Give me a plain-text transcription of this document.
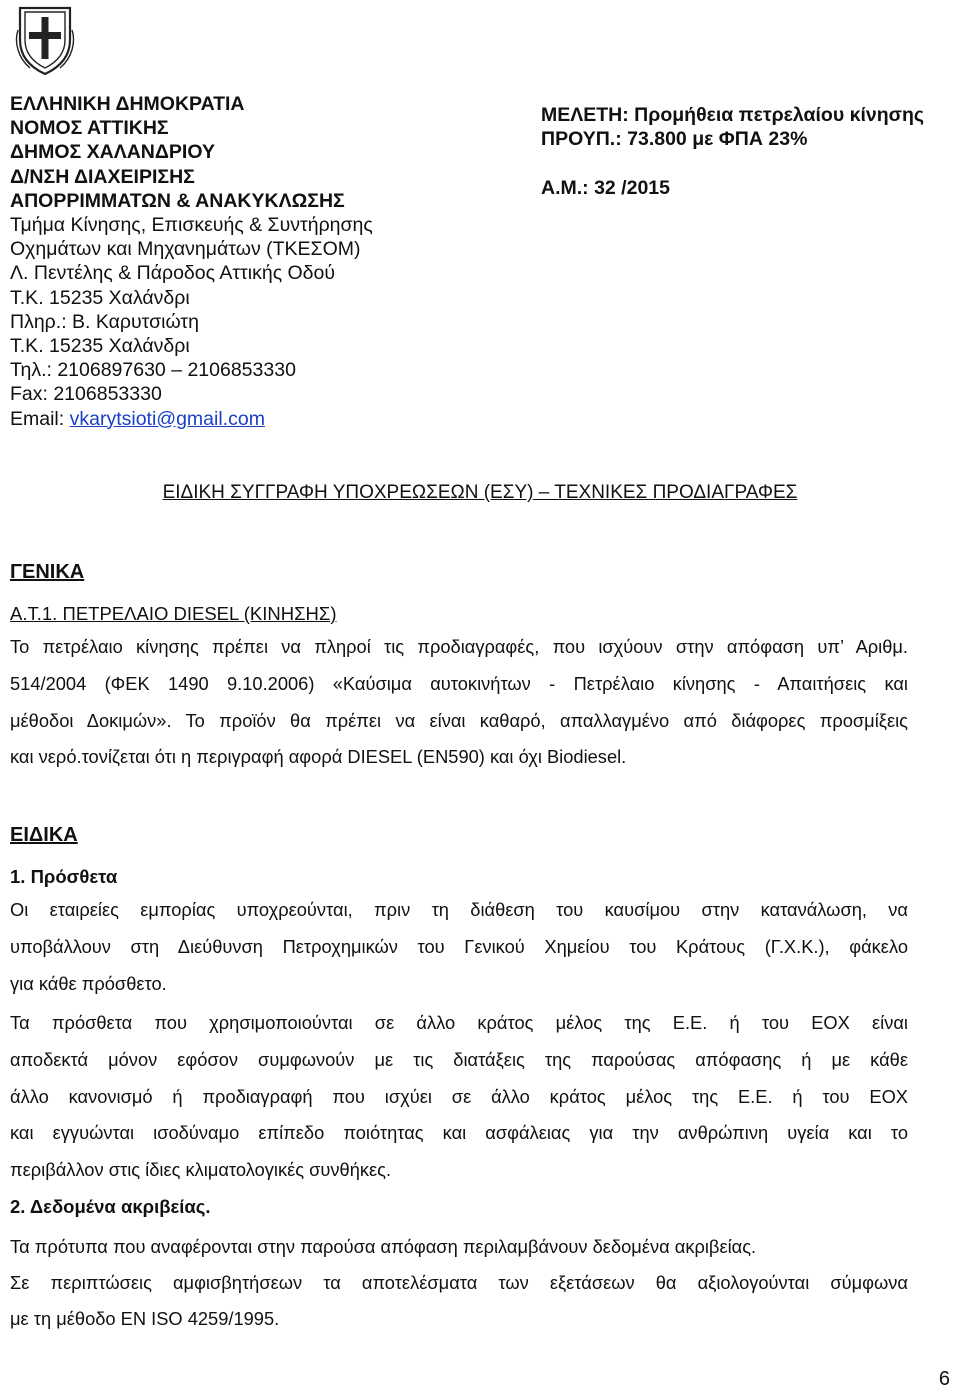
ΕΛΛΗΝΙΚΗ ΔΗΜΟΚΡΑΤΙΑ
ΝΟΜΟΣ ΑΤΤΙΚΗΣ
ΔΗΜΟΣ ΧΑΛΑΝΔΡΙΟΥ
Δ/ΝΣΗ ΔΙΑΧΕΙΡΙΣΗΣ
ΑΠΟΡΡΙΜΜΑΤΩΝ & ΑΝΑΚΥΚΛΩΣΗΣ
Τμήμα Κίνησης, Επισκευής & Συντήρησης
Οχημάτων και Μηχανημάτων (ΤΚΕΣΟΜ)
Λ. Πεντέλης & Πάροδος Αττικής Οδού
Τ.Κ. 15235 Χαλάνδρι
Πληρ.: Β. Καρυτσιώτη
Τ.Κ. 15235 Χαλάνδρι
Τηλ.: 2106897630 – 2106853330
Fax: 2106853330
Email: vkarytsioti@gmail.com
ΜΕΛΕΤΗ: Προμήθεια πετρελαίου κίνησης
ΠΡΟΥΠ.: 73.800 με ΦΠΑ 23%
Α.Μ.: 32 /2015
ΕΙΔΙΚΗ ΣΥΓΓΡΑΦΗ ΥΠΟΧΡΕΩΣΕΩΝ (ΕΣΥ) – ΤΕΧΝΙΚΕΣ ΠΡΟΔΙΑΓΡΑΦΕΣ
ΓΕΝΙΚΑ
Α.Τ.1. ΠΕΤΡΕΛΑΙΟ DIESEL (ΚΙΝΗΣΗΣ)
Το πετρέλαιο κίνησης πρέπει να πληροί τις προδιαγραφές, που ισχύουν στην απόφαση υπ’ Αριθμ.
514/2004 (ΦΕΚ 1490 9.10.2006) «Καύσιμα αυτοκινήτων - Πετρέλαιο κίνησης - Απαιτήσεις και
μέθοδοι Δοκιμών». Το προϊόν θα πρέπει να είναι καθαρό, απαλλαγμένο από διάφορες προσμίξεις
και νερό.τονίζεται ότι η περιγραφή αφορά DIESEL (ΕΝ590) και όχι Biodiesel.
ΕΙΔΙΚΑ
1. Πρόσθετα
Οι εταιρείες εμπορίας υποχρεούνται, πριν τη διάθεση του καυσίμου στην κατανάλωση, να
υποβάλλουν στη Διεύθυνση Πετροχημικών του Γενικού Χημείου του Κράτους (Γ.Χ.Κ.), φάκελο
για κάθε πρόσθετο.
Τα πρόσθετα που χρησιμοποιούνται σε άλλο κράτος μέλος της Ε.Ε. ή του ΕΟΧ είναι
αποδεκτά μόνον εφόσον συμφωνούν με τις διατάξεις της παρούσας απόφασης ή με κάθε
άλλο κανονισμό ή προδιαγραφή που ισχύει σε άλλο κράτος μέλος της Ε.Ε. ή του ΕΟΧ
και εγγυώνται ισοδύναμο επίπεδο ποιότητας και ασφάλειας για την ανθρώπινη υγεία και το
περιβάλλον στις ίδιες κλιματολογικές συνθήκες.
2. Δεδομένα ακριβείας.
Τα πρότυπα που αναφέρονται στην παρούσα απόφαση περιλαμβάνουν δεδομένα ακριβείας.
Σε περιπτώσεις αμφισβητήσεων τα αποτελέσματα των εξετάσεων θα αξιολογούνται σύμφωνα
με τη μέθοδο ΕΝ ISO 4259/1995.
6
